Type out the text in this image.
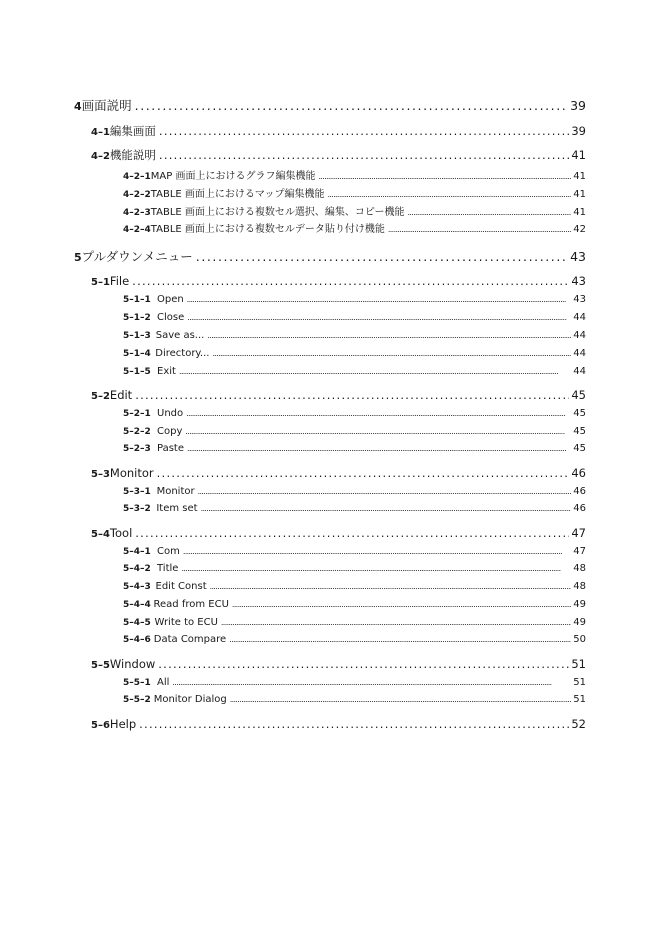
4 画面説明 . . .	39
4–1 編集画面 . . .	39
4–2 機能説明 . . .	41
4–2–1 MAP 画面上におけるグラフ編集機能 . . .	41
4–2–2 TABLE 画面上におけるマップ編集機能 . . .	41
4–2–3 TABLE 画面上における複数セル選択、編集、コピー機能 . . .	41
4–2–4 TABLE 画面上における複数セルデータ貼り付け機能 . . .	42
5 プルダウンメニュー . . .	43
5–1 File . . .	43
5–1–1 Open . . .	43
5–1–2 Close . . .	44
5–1–3 Save as... . . .	44
5–1–4 Directory... . . .	44
5–1–5 Exit . . .	44
5–2 Edit . . .	45
5–2–1 Undo . . .	45
5–2–2 Copy . . .	45
5–2–3 Paste . . .	45
5–3 Monitor . . .	46
5–3–1 Monitor . . .	46
5–3–2 Item set . . .	46
5–4 Tool . . .	47
5–4–1 Com . . .	47
5–4–2 Title . . .	48
5–4–3 Edit Const . . .	48
5–4–4 Read from ECU . . .	49
5–4–5 Write to ECU . . .	49
5–4–6 Data Compare . . .	50
5–5 Window . . .	51
5–5–1 All . . .	51
5–5–2 Monitor Dialog . . .	51
5–6 Help . . .	52
